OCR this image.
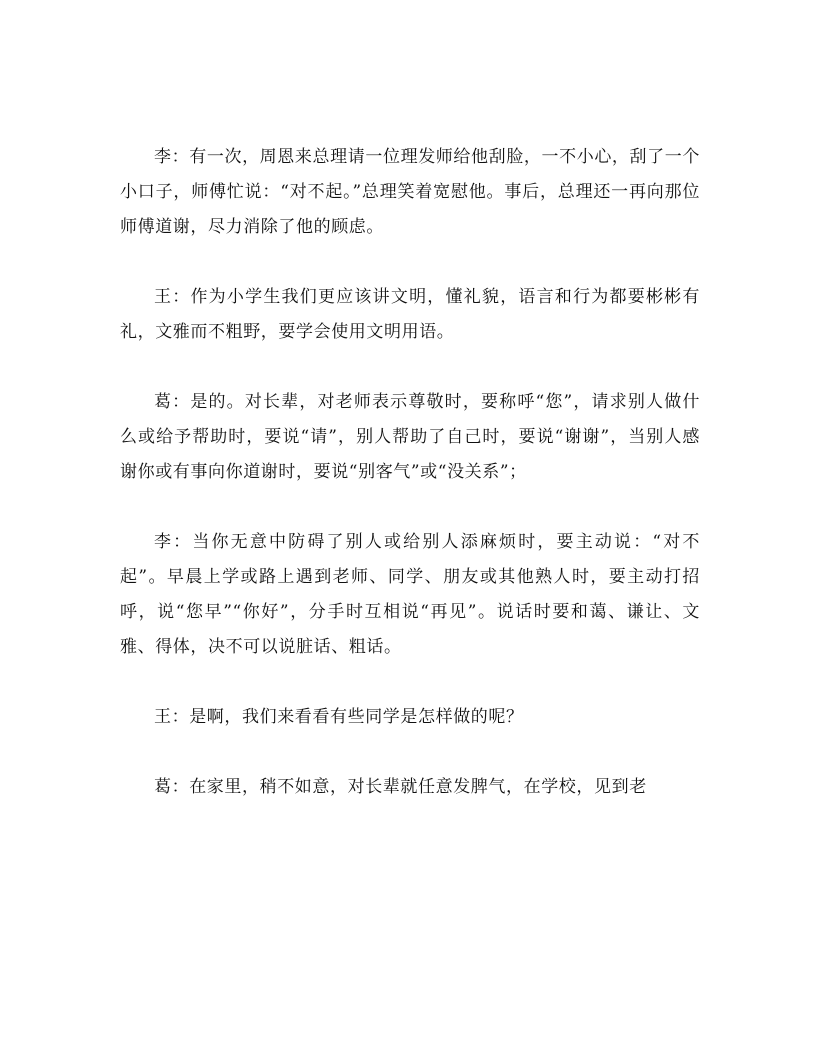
李：有一次，周恩来总理请一位理发师给他刮脸，一不小心，刮了一个小口子，师傅忙说：“对不起。”总理笑着宽慰他。事后，总理还一再向那位师傅道谢，尽力消除了他的顾虑。

王：作为小学生我们更应该讲文明，懂礼貌，语言和行为都要彬彬有礼，文雅而不粗野，要学会使用文明用语。

葛：是的。对长辈，对老师表示尊敬时，要称呼“您”，请求别人做什么或给予帮助时，要说“请”，别人帮助了自己时，要说“谢谢”，当别人感谢你或有事向你道谢时，要说“别客气”或“没关系”；

李：当你无意中防碍了别人或给别人添麻烦时，要主动说：“对不起”。早晨上学或路上遇到老师、同学、朋友或其他熟人时，要主动打招呼，说“您早”“你好”，分手时互相说“再见”。说话时要和蔼、谦让、文雅、得体，决不可以说脏话、粗话。

王：是啊，我们来看看有些同学是怎样做的呢？

葛：在家里，稍不如意，对长辈就任意发脾气，在学校，见到老
